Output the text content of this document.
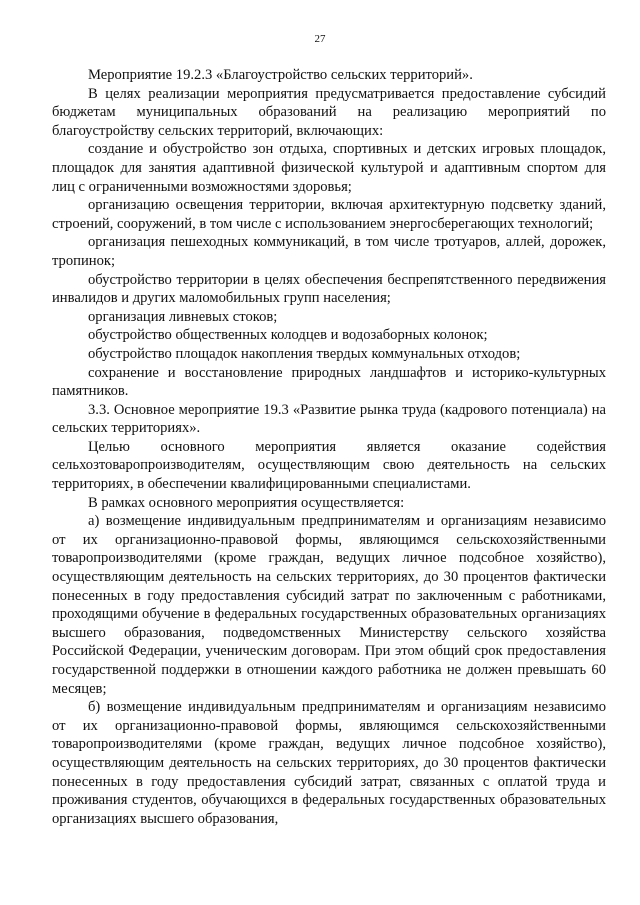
27

Мероприятие 19.2.3 «Благоустройство сельских территорий».

В целях реализации мероприятия предусматривается предоставление субсидий бюджетам муниципальных образований на реализацию мероприятий по благоустройству сельских территорий, включающих:

создание и обустройство зон отдыха, спортивных и детских игровых площадок, площадок для занятия адаптивной физической культурой и адаптивным спортом для лиц с ограниченными возможностями здоровья;

организацию освещения территории, включая архитектурную подсветку зданий, строений, сооружений, в том числе с использованием энергосберегающих технологий;

организация пешеходных коммуникаций, в том числе тротуаров, аллей, дорожек, тропинок;

обустройство территории в целях обеспечения беспрепятственного передвижения инвалидов и других маломобильных групп населения;

организация ливневых стоков;

обустройство общественных колодцев и водозаборных колонок;

обустройство площадок накопления твердых коммунальных отходов;

сохранение и восстановление природных ландшафтов и историко-культурных памятников.

3.3. Основное мероприятие 19.3 «Развитие рынка труда (кадрового потенциала) на сельских территориях».

Целью основного мероприятия является оказание содействия сельхозтоваропроизводителям, осуществляющим свою деятельность на сельских территориях, в обеспечении квалифицированными специалистами.

В рамках основного мероприятия осуществляется:

а) возмещение индивидуальным предпринимателям и организациям независимо от их организационно-правовой формы, являющимся сельскохозяйственными товаропроизводителями (кроме граждан, ведущих личное подсобное хозяйство), осуществляющим деятельность на сельских территориях, до 30 процентов фактически понесенных в году предоставления субсидий затрат по заключенным с работниками, проходящими обучение в федеральных государственных образовательных организациях высшего образования, подведомственных Министерству сельского хозяйства Российской Федерации, ученическим договорам. При этом общий срок предоставления государственной поддержки в отношении каждого работника не должен превышать 60 месяцев;

б) возмещение индивидуальным предпринимателям и организациям независимо от их организационно-правовой формы, являющимся сельскохозяйственными товаропроизводителями (кроме граждан, ведущих личное подсобное хозяйство), осуществляющим деятельность на сельских территориях, до 30 процентов фактически понесенных в году предоставления субсидий затрат, связанных с оплатой труда и проживания студентов, обучающихся в федеральных государственных образовательных организациях высшего образования,
